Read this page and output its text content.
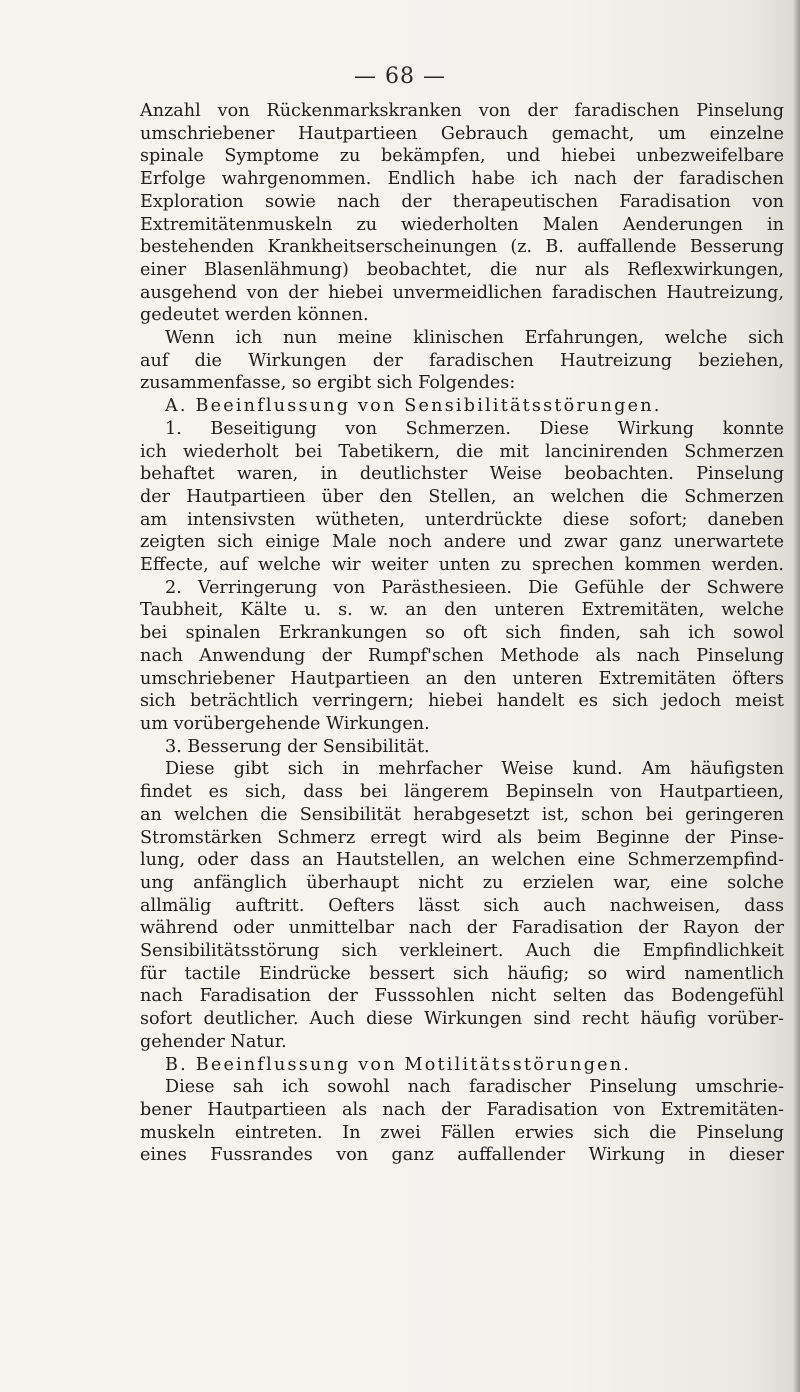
— 68 —
Anzahl von Rückenmarkskranken von der faradischen Pinselung
umschriebener Hautpartieen Gebrauch gemacht, um einzelne
spinale Symptome zu bekämpfen, und hiebei unbezweifelbare
Erfolge wahrgenommen. Endlich habe ich nach der faradischen
Exploration sowie nach der therapeutischen Faradisation von
Extremitätenmuskeln zu wiederholten Malen Aenderungen in
bestehenden Krankheitserscheinungen (z. B. auffallende Besserung
einer Blasenlähmung) beobachtet, die nur als Reflexwirkungen,
ausgehend von der hiebei unvermeidlichen faradischen Hautreizung,
gedeutet werden können.
Wenn ich nun meine klinischen Erfahrungen, welche sich
auf die Wirkungen der faradischen Hautreizung beziehen,
zusammenfasse, so ergibt sich Folgendes:
A. Beeinflussung von Sensibilitätsstörungen.
1. Beseitigung von Schmerzen. Diese Wirkung konnte
ich wiederholt bei Tabetikern, die mit lancinirenden Schmerzen
behaftet waren, in deutlichster Weise beobachten. Pinselung
der Hautpartieen über den Stellen, an welchen die Schmerzen
am intensivsten wütheten, unterdrückte diese sofort; daneben
zeigten sich einige Male noch andere und zwar ganz unerwartete
Effecte, auf welche wir weiter unten zu sprechen kommen werden.
2. Verringerung von Parästhesieen. Die Gefühle der Schwere
Taubheit, Kälte u. s. w. an den unteren Extremitäten, welche
bei spinalen Erkrankungen so oft sich finden, sah ich sowol
nach Anwendung der Rumpf'schen Methode als nach Pinselung
umschriebener Hautpartieen an den unteren Extremitäten öfters
sich beträchtlich verringern; hiebei handelt es sich jedoch meist
um vorübergehende Wirkungen.
3. Besserung der Sensibilität.
Diese gibt sich in mehrfacher Weise kund. Am häufigsten
findet es sich, dass bei längerem Bepinseln von Hautpartieen,
an welchen die Sensibilität herabgesetzt ist, schon bei geringeren
Stromstärken Schmerz erregt wird als beim Beginne der Pinse-
lung, oder dass an Hautstellen, an welchen eine Schmerzempfind-
ung anfänglich überhaupt nicht zu erzielen war, eine solche
allmälig auftritt. Oefters lässt sich auch nachweisen, dass
während oder unmittelbar nach der Faradisation der Rayon der
Sensibilitätsstörung sich verkleinert. Auch die Empfindlichkeit
für tactile Eindrücke bessert sich häufig; so wird namentlich
nach Faradisation der Fusssohlen nicht selten das Bodengefühl
sofort deutlicher. Auch diese Wirkungen sind recht häufig vorüber-
gehender Natur.
B. Beeinflussung von Motilitätsstörungen.
Diese sah ich sowohl nach faradischer Pinselung umschrie-
bener Hautpartieen als nach der Faradisation von Extremitäten-
muskeln eintreten. In zwei Fällen erwies sich die Pinselung
eines Fussrandes von ganz auffallender Wirkung in dieser
